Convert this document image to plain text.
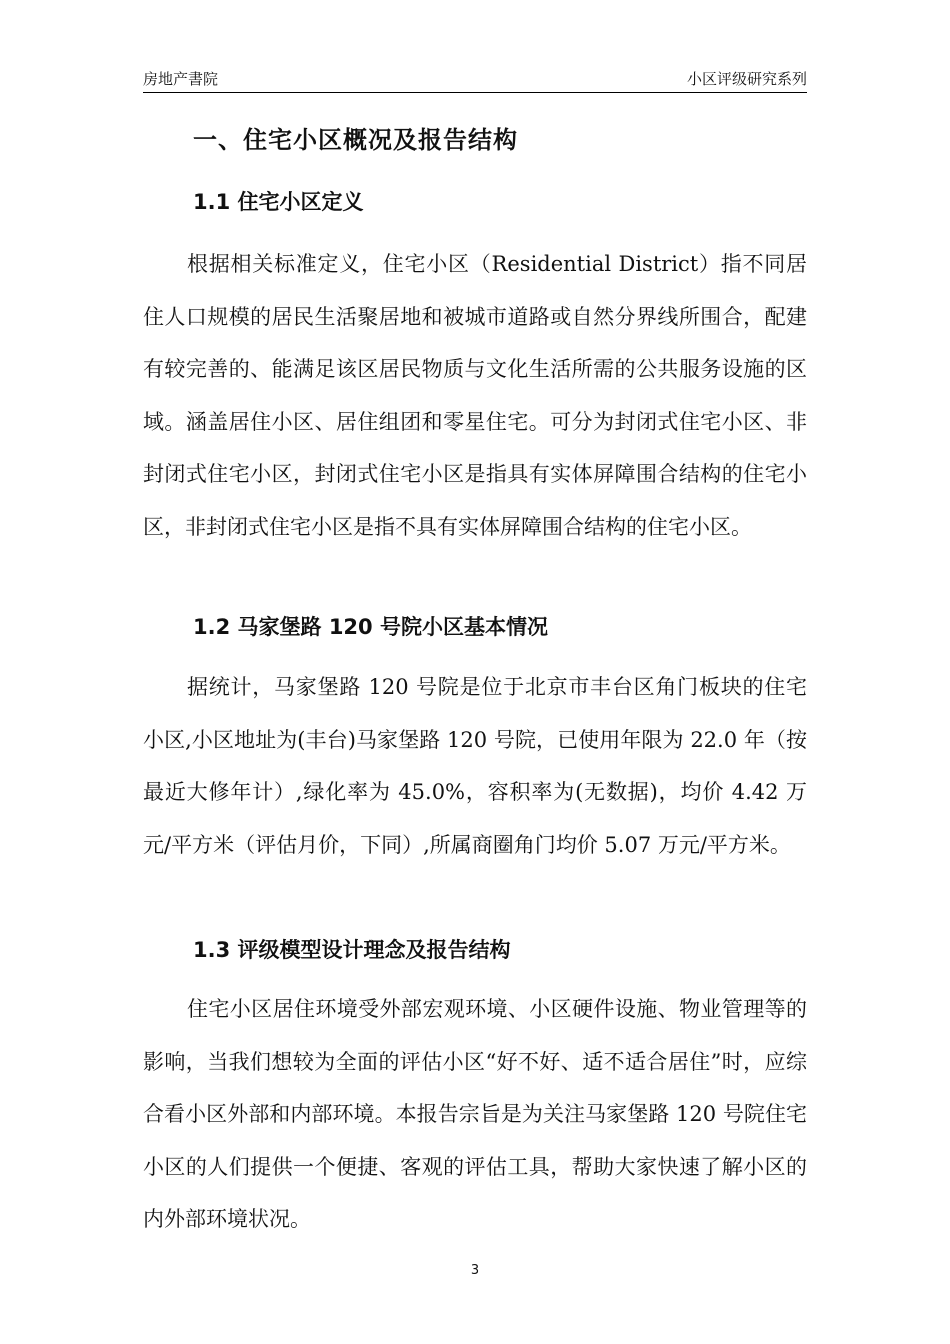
房地产書院	小区评级研究系列
一、住宅小区概况及报告结构
1.1 住宅小区定义

根据相关标准定义，住宅小区（Residential District）指不同居住人口规模的居民生活聚居地和被城市道路或自然分界线所围合，配建有较完善的、能满足该区居民物质与文化生活所需的公共服务设施的区域。涵盖居住小区、居住组团和零星住宅。可分为封闭式住宅小区、非封闭式住宅小区，封闭式住宅小区是指具有实体屏障围合结构的住宅小区，非封闭式住宅小区是指不具有实体屏障围合结构的住宅小区。

1.2 马家堡路 120 号院小区基本情况

据统计，马家堡路 120 号院是位于北京市丰台区角门板块的住宅小区,小区地址为(丰台)马家堡路 120 号院，已使用年限为 22.0 年（按最近大修年计）,绿化率为 45.0%，容积率为(无数据)，均价 4.42 万元/平方米（评估月价，下同）,所属商圈角门均价 5.07 万元/平方米。

1.3 评级模型设计理念及报告结构

住宅小区居住环境受外部宏观环境、小区硬件设施、物业管理等的影响，当我们想较为全面的评估小区“好不好、适不适合居住”时，应综合看小区外部和内部环境。本报告宗旨是为关注马家堡路 120 号院住宅小区的人们提供一个便捷、客观的评估工具，帮助大家快速了解小区的内外部环境状况。

3
